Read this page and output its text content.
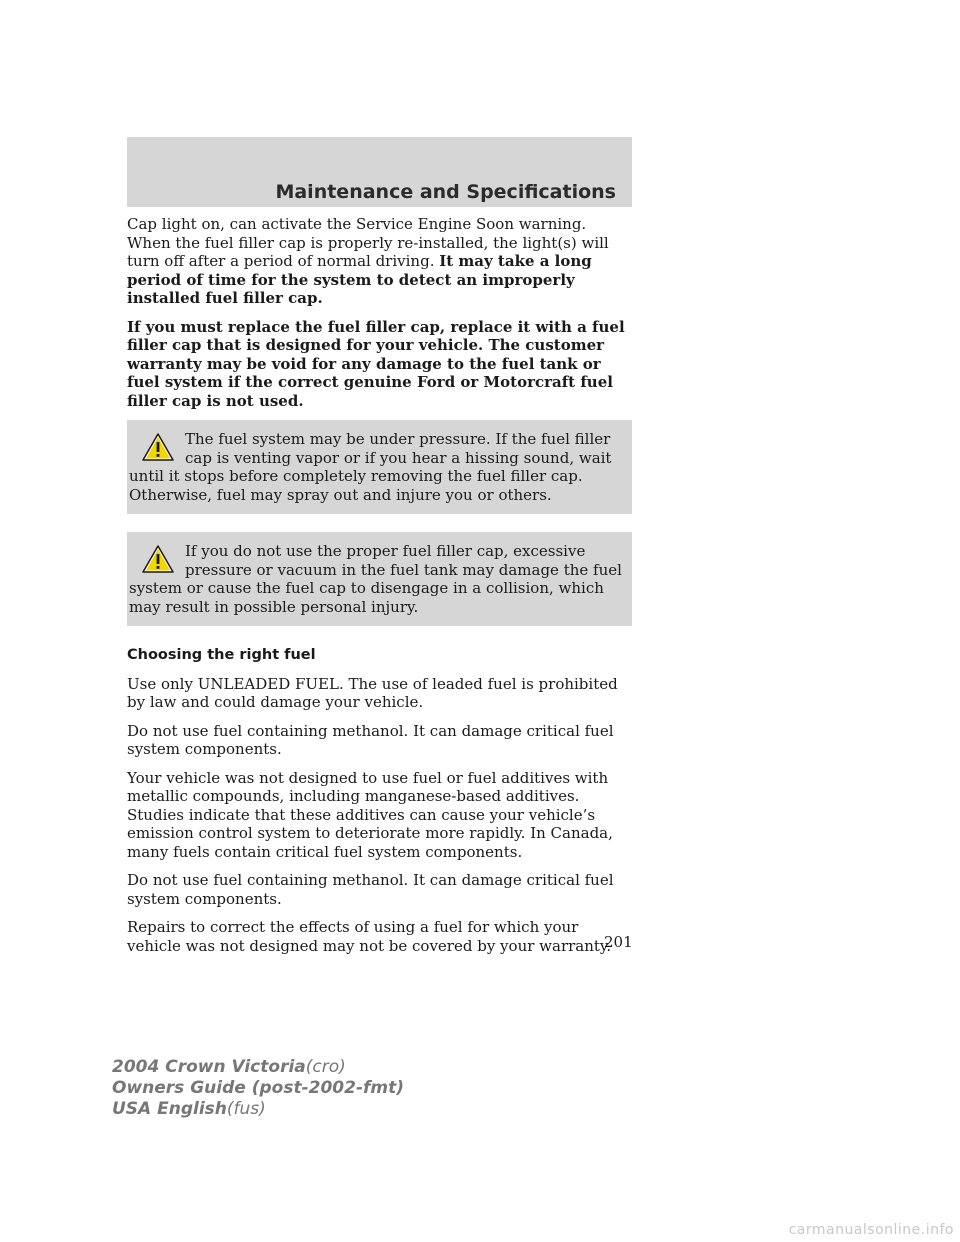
Maintenance and Specifications

Cap light on, can activate the Service Engine Soon warning. When the fuel filler cap is properly re-installed, the light(s) will turn off after a period of normal driving. It may take a long period of time for the system to detect an improperly installed fuel filler cap.

If you must replace the fuel filler cap, replace it with a fuel filler cap that is designed for your vehicle. The customer warranty may be void for any damage to the fuel tank or fuel system if the correct genuine Ford or Motorcraft fuel filler cap is not used.

The fuel system may be under pressure. If the fuel filler cap is venting vapor or if you hear a hissing sound, wait until it stops before completely removing the fuel filler cap. Otherwise, fuel may spray out and injure you or others.

If you do not use the proper fuel filler cap, excessive pressure or vacuum in the fuel tank may damage the fuel system or cause the fuel cap to disengage in a collision, which may result in possible personal injury.

Choosing the right fuel

Use only UNLEADED FUEL. The use of leaded fuel is prohibited by law and could damage your vehicle.

Do not use fuel containing methanol. It can damage critical fuel system components.

Your vehicle was not designed to use fuel or fuel additives with metallic compounds, including manganese-based additives. Studies indicate that these additives can cause your vehicle’s emission control system to deteriorate more rapidly. In Canada, many fuels contain critical fuel system components.

Do not use fuel containing methanol. It can damage critical fuel system components.

Repairs to correct the effects of using a fuel for which your vehicle was not designed may not be covered by your warranty.

201
2004 Crown Victoria(cro)
Owners Guide (post-2002-fmt)
USA English(fus)
carmanualsonline.info
